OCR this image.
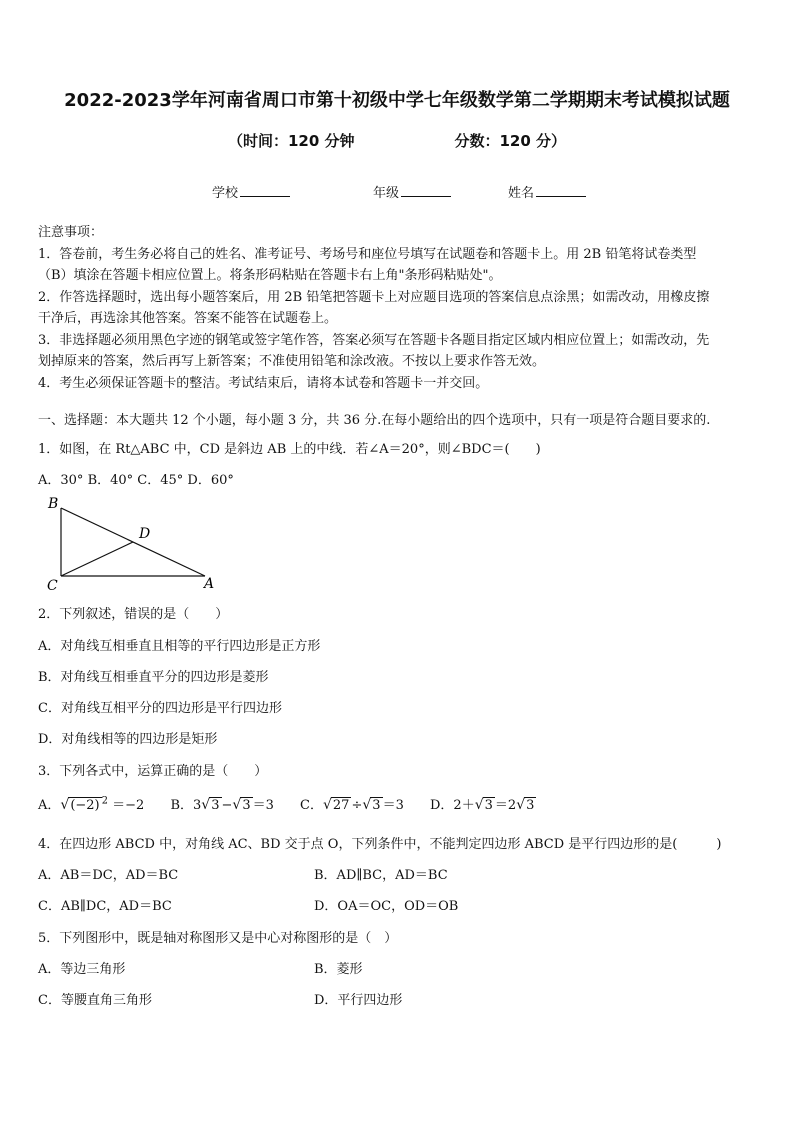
2022-2023学年河南省周口市第十初级中学七年级数学第二学期期末考试模拟试题
（时间：120 分钟	分数：120 分）
学校	年级	姓名

注意事项：

1．答卷前，考生务必将自己的姓名、准考证号、考场号和座位号填写在试题卷和答题卡上。用 2B 铅笔将试卷类型

（B）填涂在答题卡相应位置上。将条形码粘贴在答题卡右上角"条形码粘贴处"。

2．作答选择题时，选出每小题答案后，用 2B 铅笔把答题卡上对应题目选项的答案信息点涂黑；如需改动，用橡皮擦

干净后，再选涂其他答案。答案不能答在试题卷上。

3．非选择题必须用黑色字迹的钢笔或签字笔作答，答案必须写在答题卡各题目指定区域内相应位置上；如需改动，先

划掉原来的答案，然后再写上新答案；不准使用铅笔和涂改液。不按以上要求作答无效。

4．考生必须保证答题卡的整洁。考试结束后，请将本试卷和答题卡一并交回。

一、选择题：本大题共 12 个小题，每小题 3 分，共 36 分.在每小题给出的四个选项中，只有一项是符合题目要求的.
1．如图，在 Rt△ABC 中，CD 是斜边 AB 上的中线．若∠A＝20°，则∠BDC＝(　　)
A．30° B．40° C．45° D．60°
B
D
C	A
2．下列叙述，错误的是（　　）
A．对角线互相垂直且相等的平行四边形是正方形
B．对角线互相垂直平分的四边形是菱形
C．对角线互相平分的四边形是平行四边形
D．对角线相等的四边形是矩形
3．下列各式中，运算正确的是（　　）
A．√(−2) $^2$ ＝−2 B．3√3 −√3 ＝3 C．√27 ÷√3 ＝3 D．2＋√3 ＝2√3
4．在四边形 ABCD 中，对角线 AC、BD 交于点 O，下列条件中，不能判定四边形 ABCD 是平行四边形的是(　　　)
A．AB＝DC，AD＝BC	B．AD∥BC，AD＝BC
C．AB∥DC，AD＝BC	D．OA＝OC，OD＝OB
5．下列图形中，既是轴对称图形又是中心对称图形的是（　）
A．等边三角形	B．菱形
C．等腰直角三角形	D．平行四边形
